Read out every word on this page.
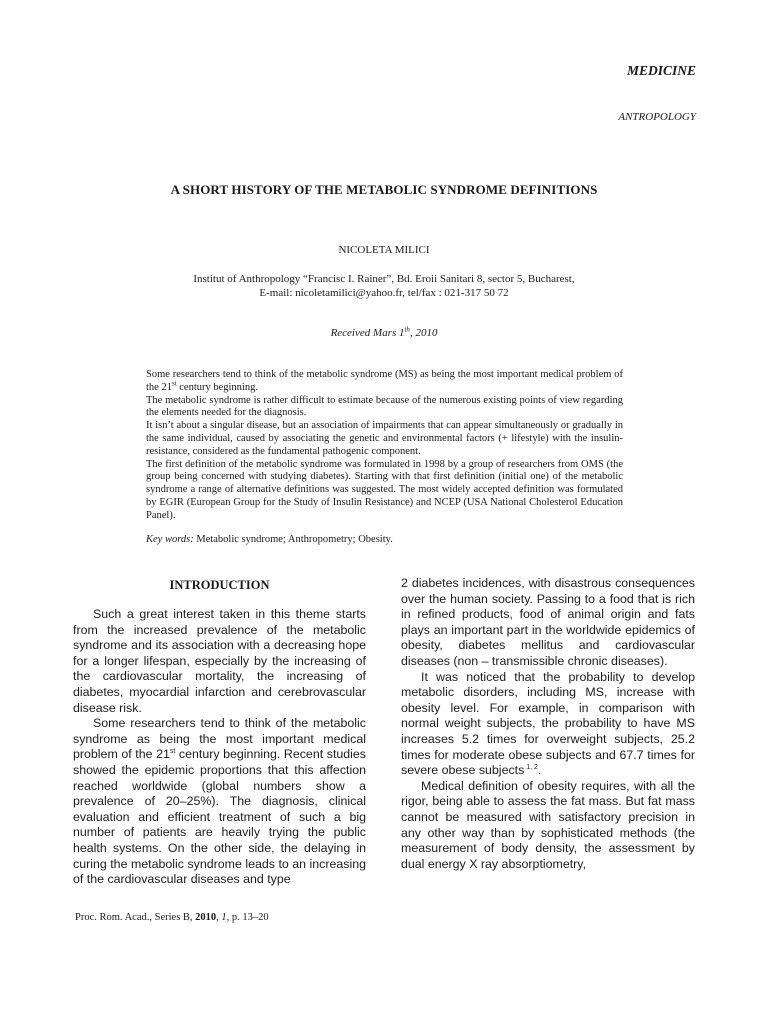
MEDICINE
ANTROPOLOGY
A SHORT HISTORY OF THE METABOLIC SYNDROME DEFINITIONS
NICOLETA MILICI
Institut of Anthropology “Francisc I. Rainer”, Bd. Eroii Sanitari 8, sector 5, Bucharest,
E-mail: nicoletamilici@yahoo.fr, tel/fax : 021-317 50 72
Received Mars 1th, 2010

Some researchers tend to think of the metabolic syndrome (MS) as being the most important medical problem of the 21st century beginning.

The metabolic syndrome is rather difficult to estimate because of the numerous existing points of view regarding the elements needed for the diagnosis.

It isn’t about a singular disease, but an association of impairments that can appear simultaneously or gradually in the same individual, caused by associating the genetic and environmental factors (+ lifestyle) with the insulin-resistance, considered as the fundamental pathogenic component.

The first definition of the metabolic syndrome was formulated in 1998 by a group of researchers from OMS (the group being concerned with studying diabetes). Starting with that first definition (initial one) of the metabolic syndrome a range of alternative definitions was suggested. The most widely accepted definition was formulated by EGIR (European Group for the Study of Insulin Resistance) and NCEP (USA National Cholesterol Education Panel).

Key words: Metabolic syndrome; Anthropometry; Obesity.
INTRODUCTION

Such a great interest taken in this theme starts from the increased prevalence of the metabolic syndrome and its association with a decreasing hope for a longer lifespan, especially by the increasing of the cardiovascular mortality, the increasing of diabetes, myocardial infarction and cerebrovascular disease risk.

Some researchers tend to think of the metabolic syndrome as being the most important medical problem of the 21st century beginning. Recent studies showed the epidemic proportions that this affection reached worldwide (global numbers show a prevalence of 20–25%). The diagnosis, clinical evaluation and efficient treatment of such a big number of patients are heavily trying the public health systems. On the other side, the delaying in curing the metabolic syndrome leads to an increasing of the cardiovascular diseases and type

2 diabetes incidences, with disastrous consequences over the human society. Passing to a food that is rich in refined products, food of animal origin and fats plays an important part in the worldwide epidemics of obesity, diabetes mellitus and cardiovascular diseases (non – transmissible chronic diseases).

It was noticed that the probability to develop metabolic disorders, including MS, increase with obesity level. For example, in comparison with normal weight subjects, the probability to have MS increases 5.2 times for overweight subjects, 25.2 times for moderate obese subjects and 67.7 times for severe obese subjects $^{1, 2}$.

Medical definition of obesity requires, with all the rigor, being able to assess the fat mass. But fat mass cannot be measured with satisfactory precision in any other way than by sophisticated methods (the measurement of body density, the assessment by dual energy X ray absorptiometry,

Proc. Rom. Acad., Series B, 2010, 1, p. 13–20
